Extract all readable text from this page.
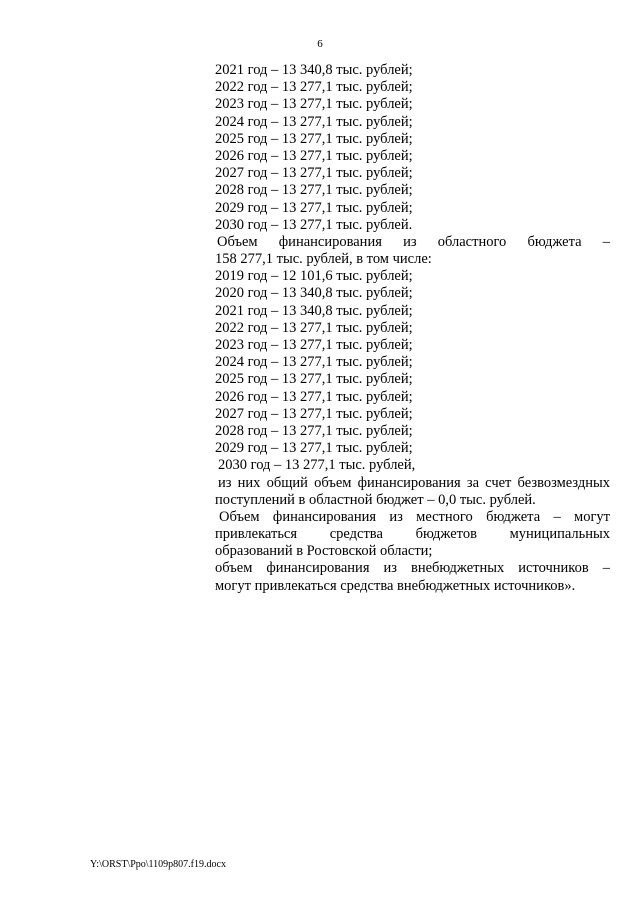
6
2021 год – 13 340,8 тыс. рублей;
2022 год – 13 277,1 тыс. рублей;
2023 год – 13 277,1 тыс. рублей;
2024 год – 13 277,1 тыс. рублей;
2025 год – 13 277,1 тыс. рублей;
2026 год – 13 277,1 тыс. рублей;
2027 год – 13 277,1 тыс. рублей;
2028 год – 13 277,1 тыс. рублей;
2029 год – 13 277,1 тыс. рублей;
2030 год – 13 277,1 тыс. рублей.
Объем финансирования из областного бюджета –
158 277,1 тыс. рублей, в том числе:
2019 год – 12 101,6 тыс. рублей;
2020 год – 13 340,8 тыс. рублей;
2021 год – 13 340,8 тыс. рублей;
2022 год – 13 277,1 тыс. рублей;
2023 год – 13 277,1 тыс. рублей;
2024 год – 13 277,1 тыс. рублей;
2025 год – 13 277,1 тыс. рублей;
2026 год – 13 277,1 тыс. рублей;
2027 год – 13 277,1 тыс. рублей;
2028 год – 13 277,1 тыс. рублей;
2029 год – 13 277,1 тыс. рублей;
2030 год – 13 277,1 тыс. рублей,
из них общий объем финансирования за счет безвозмездных
поступлений в областной бюджет – 0,0 тыс. рублей.
Объем финансирования из местного бюджета – могут
привлекаться средства бюджетов муниципальных
образований в Ростовской области;
объем финансирования из внебюджетных источников –
могут привлекаться средства внебюджетных источников».
Y:\ORST\Ppo\1109p807.f19.docx
